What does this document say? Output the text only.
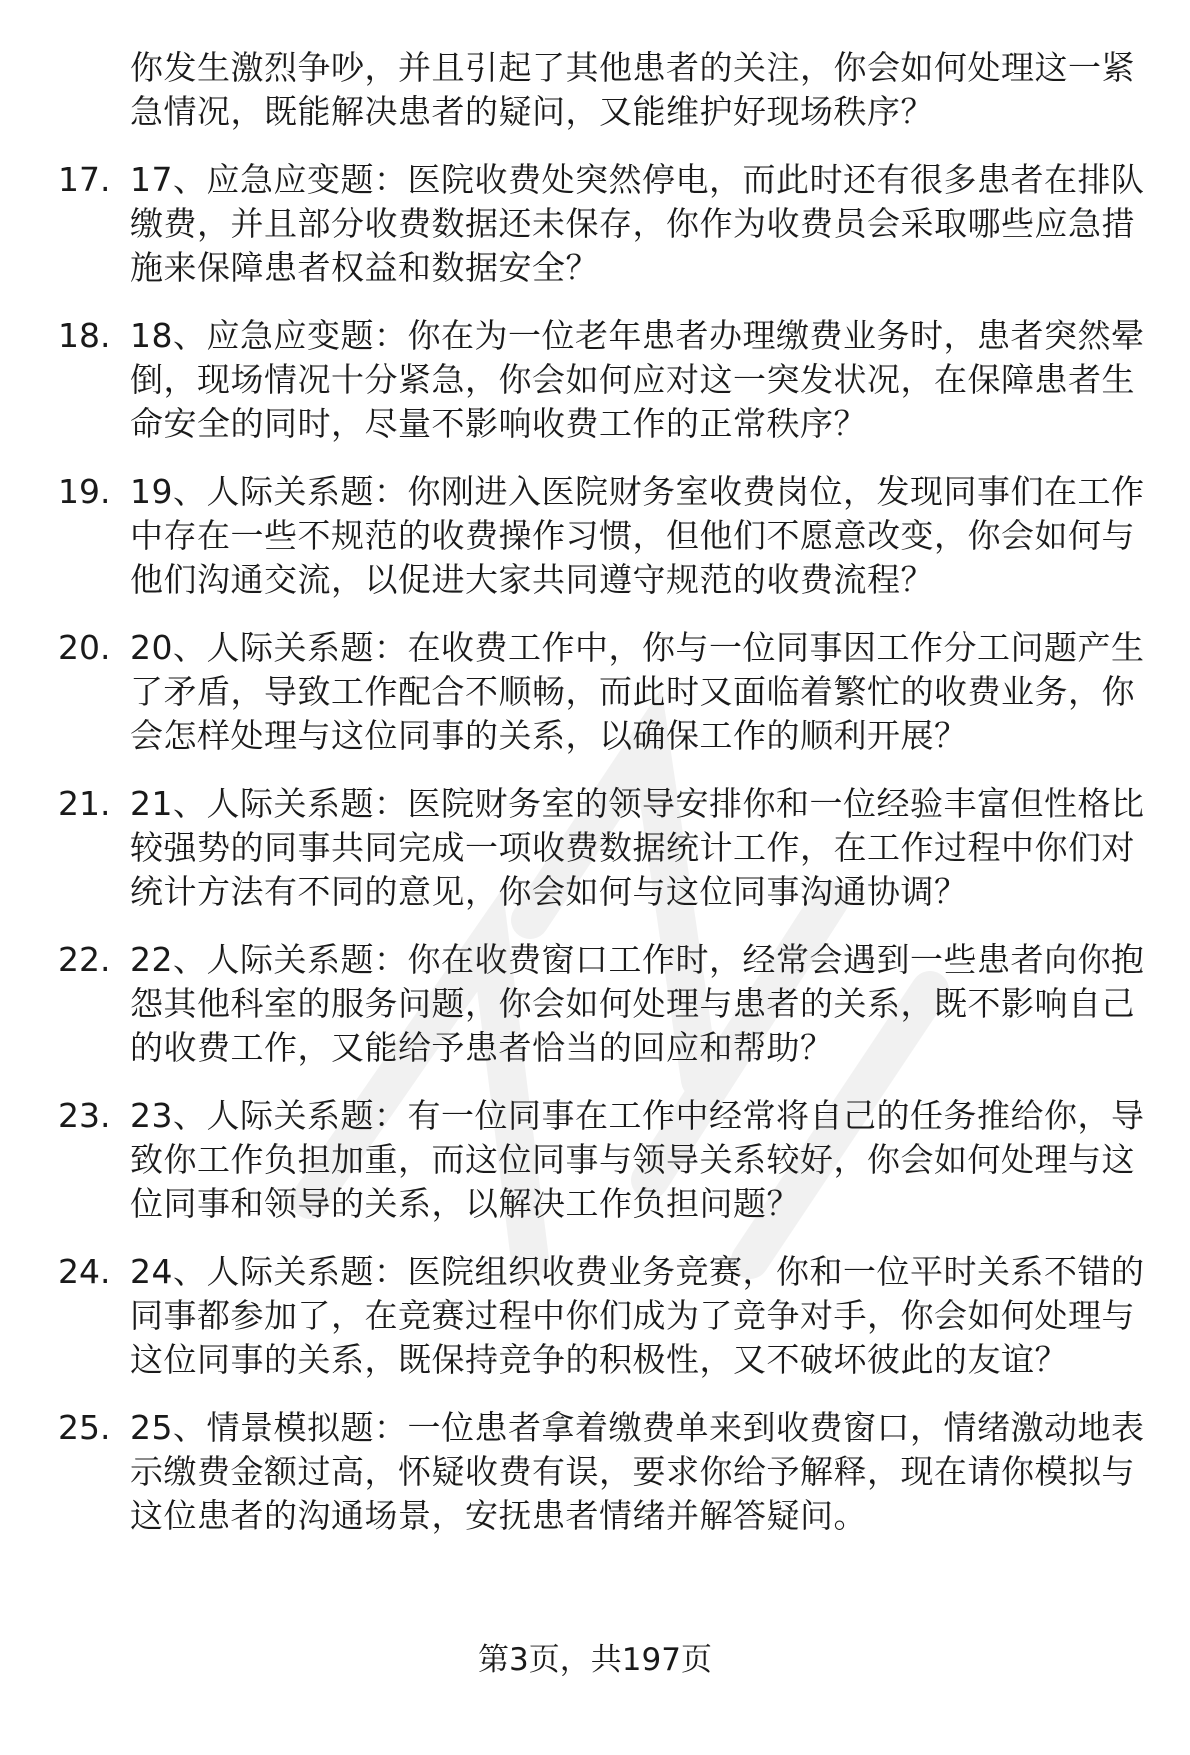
你发生激烈争吵，并且引起了其他患者的关注，你会如何处理这一紧急情况，既能解决患者的疑问，又能维护好现场秩序？
17. 17、应急应变题：医院收费处突然停电，而此时还有很多患者在排队缴费，并且部分收费数据还未保存，你作为收费员会采取哪些应急措施来保障患者权益和数据安全？
18. 18、应急应变题：你在为一位老年患者办理缴费业务时，患者突然晕倒，现场情况十分紧急，你会如何应对这一突发状况，在保障患者生命安全的同时，尽量不影响收费工作的正常秩序？
19. 19、人际关系题：你刚进入医院财务室收费岗位，发现同事们在工作中存在一些不规范的收费操作习惯，但他们不愿意改变，你会如何与他们沟通交流，以促进大家共同遵守规范的收费流程？
20. 20、人际关系题：在收费工作中，你与一位同事因工作分工问题产生了矛盾，导致工作配合不顺畅，而此时又面临着繁忙的收费业务，你会怎样处理与这位同事的关系，以确保工作的顺利开展？
21. 21、人际关系题：医院财务室的领导安排你和一位经验丰富但性格比较强势的同事共同完成一项收费数据统计工作，在工作过程中你们对统计方法有不同的意见，你会如何与这位同事沟通协调？
22. 22、人际关系题：你在收费窗口工作时，经常会遇到一些患者向你抱怨其他科室的服务问题，你会如何处理与患者的关系，既不影响自己的收费工作，又能给予患者恰当的回应和帮助？
23. 23、人际关系题：有一位同事在工作中经常将自己的任务推给你，导致你工作负担加重，而这位同事与领导关系较好，你会如何处理与这位同事和领导的关系，以解决工作负担问题？
24. 24、人际关系题：医院组织收费业务竞赛，你和一位平时关系不错的同事都参加了，在竞赛过程中你们成为了竞争对手，你会如何处理与这位同事的关系，既保持竞争的积极性，又不破坏彼此的友谊？
25. 25、情景模拟题：一位患者拿着缴费单来到收费窗口，情绪激动地表示缴费金额过高，怀疑收费有误，要求你给予解释，现在请你模拟与这位患者的沟通场景，安抚患者情绪并解答疑问。
第3页，共197页
